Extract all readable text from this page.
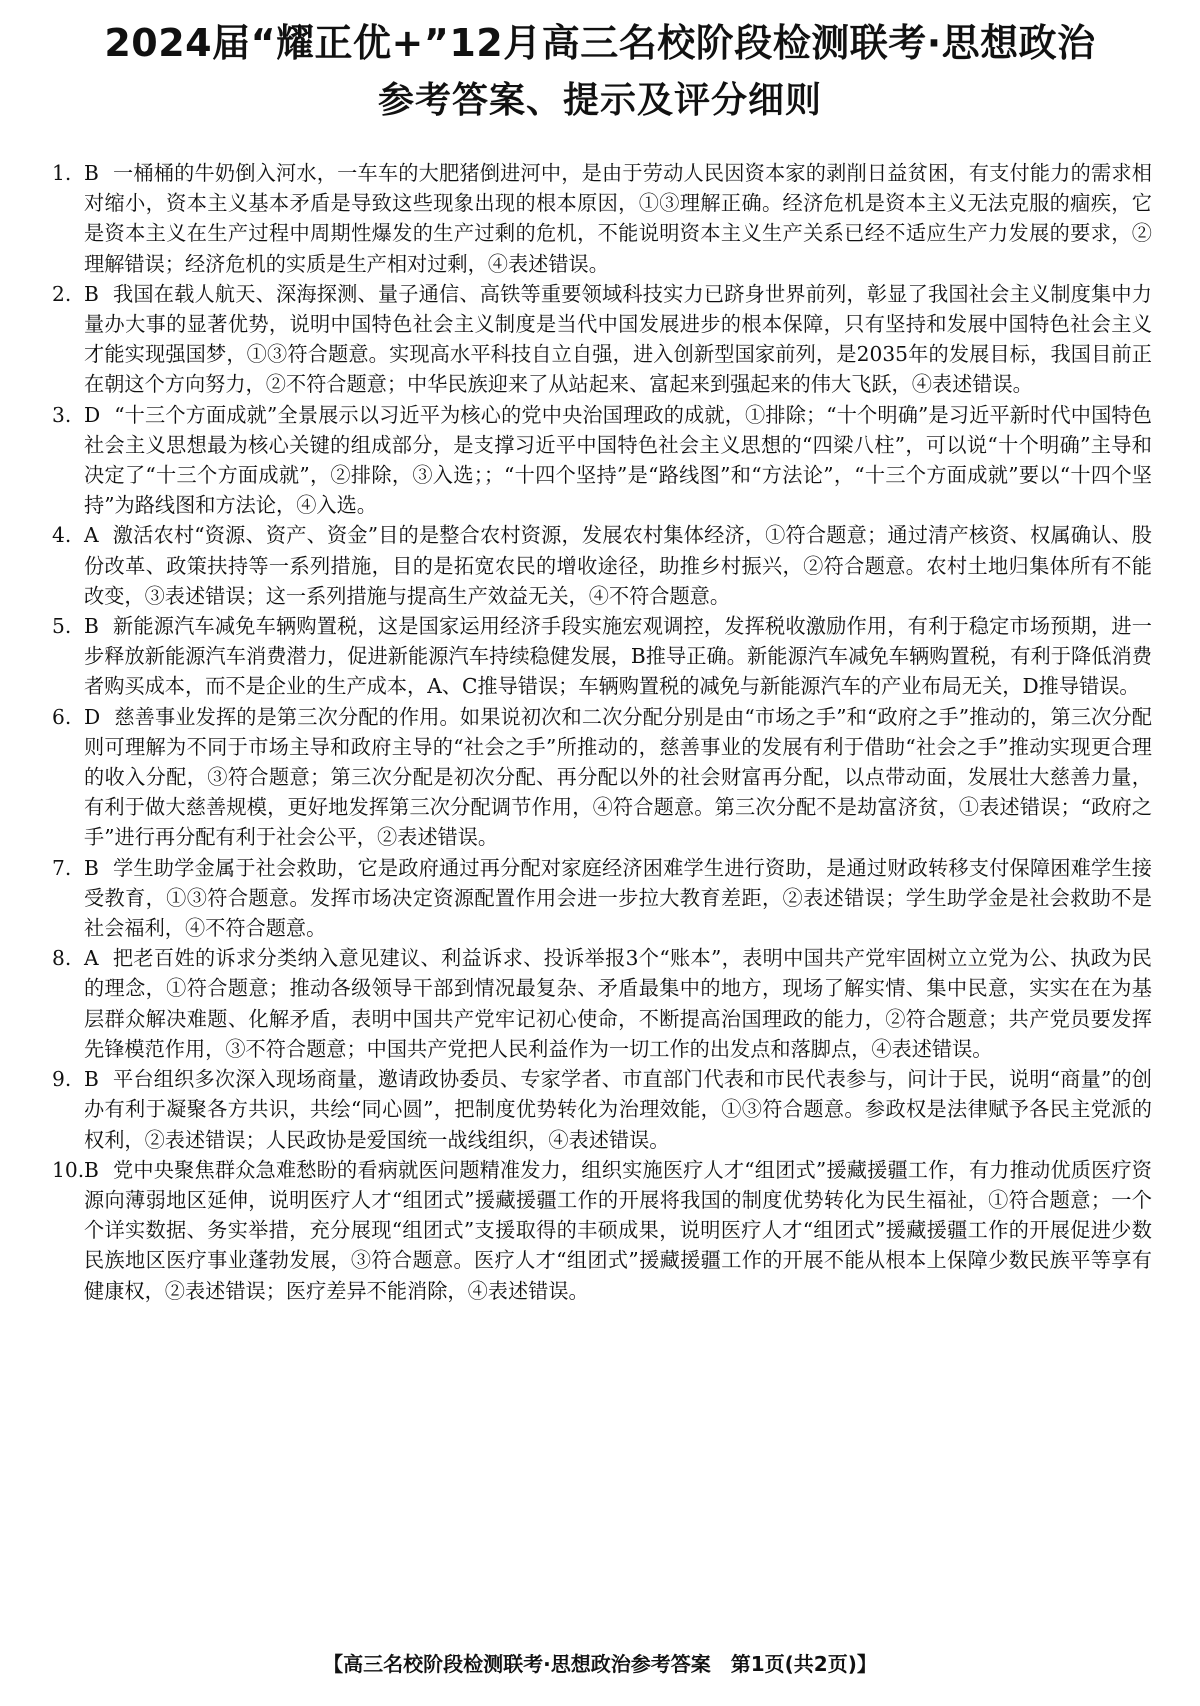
2024届“耀正优+”12月高三名校阶段检测联考·思想政治
参考答案、提示及评分细则
1. B 一桶桶的牛奶倒入河水，一车车的大肥猪倒进河中，是由于劳动人民因资本家的剥削日益贫困，有支付能力的需求相对缩小，资本主义基本矛盾是导致这些现象出现的根本原因，①③理解正确。经济危机是资本主义无法克服的痼疾，它是资本主义在生产过程中周期性爆发的生产过剩的危机，不能说明资本主义生产关系已经不适应生产力发展的要求，②理解错误；经济危机的实质是生产相对过剩，④表述错误。
2. B 我国在载人航天、深海探测、量子通信、高铁等重要领域科技实力已跻身世界前列，彰显了我国社会主义制度集中力量办大事的显著优势，说明中国特色社会主义制度是当代中国发展进步的根本保障，只有坚持和发展中国特色社会主义才能实现强国梦，①③符合题意。实现高水平科技自立自强，进入创新型国家前列，是2035年的发展目标，我国目前正在朝这个方向努力，②不符合题意；中华民族迎来了从站起来、富起来到强起来的伟大飞跃，④表述错误。
3. D “十三个方面成就”全景展示以习近平为核心的党中央治国理政的成就，①排除；“十个明确”是习近平新时代中国特色社会主义思想最为核心关键的组成部分，是支撑习近平中国特色社会主义思想的“四梁八柱”，可以说“十个明确”主导和决定了“十三个方面成就”，②排除，③入选；；“十四个坚持”是“路线图”和“方法论”，“十三个方面成就”要以“十四个坚持”为路线图和方法论，④入选。
4. A 激活农村“资源、资产、资金”目的是整合农村资源，发展农村集体经济，①符合题意；通过清产核资、权属确认、股份改革、政策扶持等一系列措施，目的是拓宽农民的增收途径，助推乡村振兴，②符合题意。农村土地归集体所有不能改变，③表述错误；这一系列措施与提高生产效益无关，④不符合题意。
5. B 新能源汽车减免车辆购置税，这是国家运用经济手段实施宏观调控，发挥税收激励作用，有利于稳定市场预期，进一步释放新能源汽车消费潜力，促进新能源汽车持续稳健发展，B推导正确。新能源汽车减免车辆购置税，有利于降低消费者购买成本，而不是企业的生产成本，A、C推导错误；车辆购置税的减免与新能源汽车的产业布局无关，D推导错误。
6. D 慈善事业发挥的是第三次分配的作用。如果说初次和二次分配分别是由“市场之手”和“政府之手”推动的，第三次分配则可理解为不同于市场主导和政府主导的“社会之手”所推动的，慈善事业的发展有利于借助“社会之手”推动实现更合理的收入分配，③符合题意；第三次分配是初次分配、再分配以外的社会财富再分配，以点带动面，发展壮大慈善力量，有利于做大慈善规模，更好地发挥第三次分配调节作用，④符合题意。第三次分配不是劫富济贫，①表述错误；“政府之手”进行再分配有利于社会公平，②表述错误。
7. B 学生助学金属于社会救助，它是政府通过再分配对家庭经济困难学生进行资助，是通过财政转移支付保障困难学生接受教育，①③符合题意。发挥市场决定资源配置作用会进一步拉大教育差距，②表述错误；学生助学金是社会救助不是社会福利，④不符合题意。
8. A 把老百姓的诉求分类纳入意见建议、利益诉求、投诉举报3个“账本”，表明中国共产党牢固树立立党为公、执政为民的理念，①符合题意；推动各级领导干部到情况最复杂、矛盾最集中的地方，现场了解实情、集中民意，实实在在为基层群众解决难题、化解矛盾，表明中国共产党牢记初心使命，不断提高治国理政的能力，②符合题意；共产党员要发挥先锋模范作用，③不符合题意；中国共产党把人民利益作为一切工作的出发点和落脚点，④表述错误。
9. B 平台组织多次深入现场商量，邀请政协委员、专家学者、市直部门代表和市民代表参与，问计于民，说明“商量”的创办有利于凝聚各方共识，共绘“同心圆”，把制度优势转化为治理效能，①③符合题意。参政权是法律赋予各民主党派的权利，②表述错误；人民政协是爱国统一战线组织，④表述错误。
10. B 党中央聚焦群众急难愁盼的看病就医问题精准发力，组织实施医疗人才“组团式”援藏援疆工作，有力推动优质医疗资源向薄弱地区延伸，说明医疗人才“组团式”援藏援疆工作的开展将我国的制度优势转化为民生福祉，①符合题意；一个个详实数据、务实举措，充分展现“组团式”支援取得的丰硕成果，说明医疗人才“组团式”援藏援疆工作的开展促进少数民族地区医疗事业蓬勃发展，③符合题意。医疗人才“组团式”援藏援疆工作的开展不能从根本上保障少数民族平等享有健康权，②表述错误；医疗差异不能消除，④表述错误。
【高三名校阶段检测联考·思想政治参考答案　第1页(共2页)】
